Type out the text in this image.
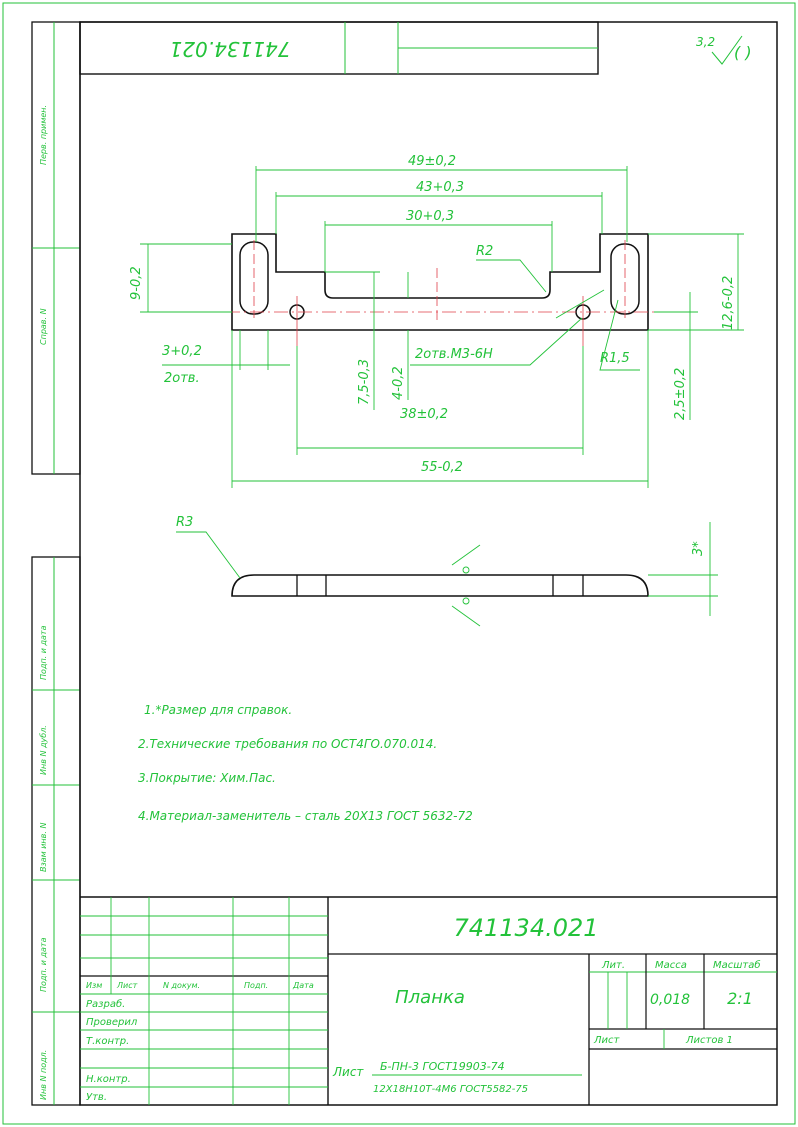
Перв. примен.
Справ. N
Подп. и дата
Инв N дубл.
Взам инв. N
Подп. и дата
Инв N подл.
741134.021	3,2
( )
49±0,2
43+0,3
30+0,3
R2
9-0,2	12,6-0,2
3+0,2
2отв.	7,5-0,3 4-0,2
2отв.М3-6Н
38±0,2	2,5±0,2
R1,5
55-0,2
R3
3*
1.*Размер для справок.
2.Технические требования по ОСТ4ГО.070.014.
3.Покрытие: Хим.Пас.
4.Материал-заменитель – сталь 20Х13 ГОСТ 5632-72
Изм Лист	N докум.	Подп.	Дата
Разраб.
Проверил
Т.контр.
Н.контр.
Утв.
741134.021
Планка
Лит.	Масса	Масштаб
0,018 2:1
Лист	Листов 1
Лист Б-ПН-3 ГОСТ19903-74
12Х18Н10Т-4М6 ГОСТ5582-75
